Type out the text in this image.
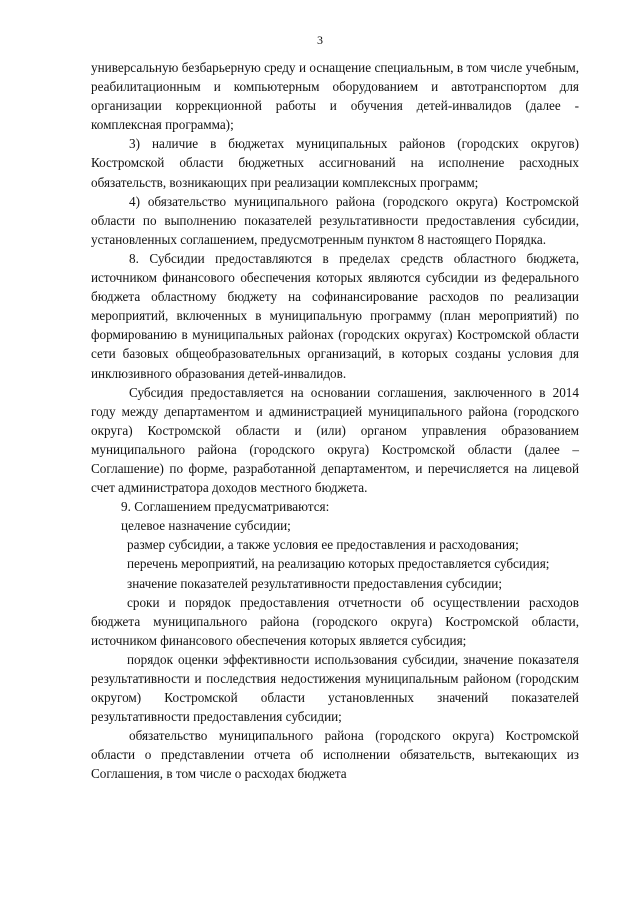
3

универсальную безбарьерную среду и оснащение специальным, в том числе учебным, реабилитационным и компьютерным оборудованием и автотранспортом для организации коррекционной работы и обучения детей-инвалидов (далее - комплексная программа);

3) наличие в бюджетах муниципальных районов (городских округов) Костромской области бюджетных ассигнований на исполнение расходных обязательств, возникающих при реализации комплексных программ;

4) обязательство муниципального района (городского округа) Костромской области по выполнению показателей результативности предоставления субсидии, установленных соглашением, предусмотренным пунктом 8 настоящего Порядка.

8. Субсидии предоставляются в пределах средств областного бюджета, источником финансового обеспечения которых являются субсидии из федерального бюджета областному бюджету на софинансирование расходов по реализации мероприятий, включенных в муниципальную программу (план мероприятий) по формированию в муниципальных районах (городских округах) Костромской области сети базовых общеобразовательных организаций, в которых созданы условия для инклюзивного образования детей-инвалидов.

Субсидия предоставляется на основании соглашения, заключенного в 2014 году между департаментом и администрацией муниципального района (городского округа) Костромской области и (или) органом управления образованием муниципального района (городского округа) Костромской области (далее – Соглашение) по форме, разработанной департаментом, и перечисляется на лицевой счет администратора доходов местного бюджета.

9. Соглашением предусматриваются:

целевое назначение субсидии;

размер субсидии, а также условия ее предоставления и расходования;

перечень мероприятий, на реализацию которых предоставляется субсидия;

значение показателей результативности предоставления субсидии;

сроки и порядок предоставления отчетности об осуществлении расходов бюджета муниципального района (городского округа) Костромской области, источником финансового обеспечения которых является субсидия;

порядок оценки эффективности использования субсидии, значение показателя результативности и последствия недостижения муниципальным районом (городским округом) Костромской области установленных значений показателей результативности предоставления субсидии;

обязательство муниципального района (городского округа) Костромской области о представлении отчета об исполнении обязательств, вытекающих из Соглашения, в том числе о расходах бюджета
